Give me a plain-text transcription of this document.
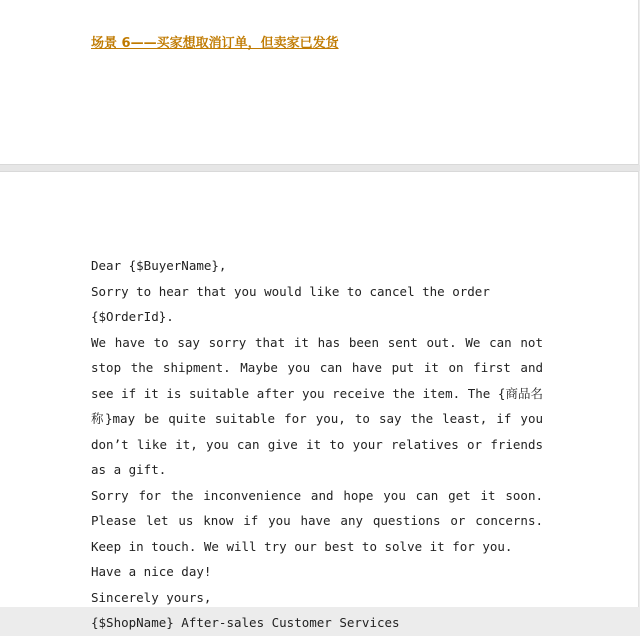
场景 6——买家想取消订单，但卖家已发货

Dear {$BuyerName},

Sorry to hear that you would like to cancel the order {$OrderId}.

We have to say sorry that it has been sent out. We can not stop the shipment. Maybe you can have put it on first and see if it is suitable after you receive the item. The {商品名称}may be quite suitable for you, to say the least, if you don’t like it, you can give it to your relatives or friends as a gift.

Sorry for the inconvenience and hope you can get it soon. Please let us know if you have any questions or concerns. Keep in touch. We will try our best to solve it for you.

Have a nice day!

Sincerely yours,

{$ShopName} After-sales Customer Services
